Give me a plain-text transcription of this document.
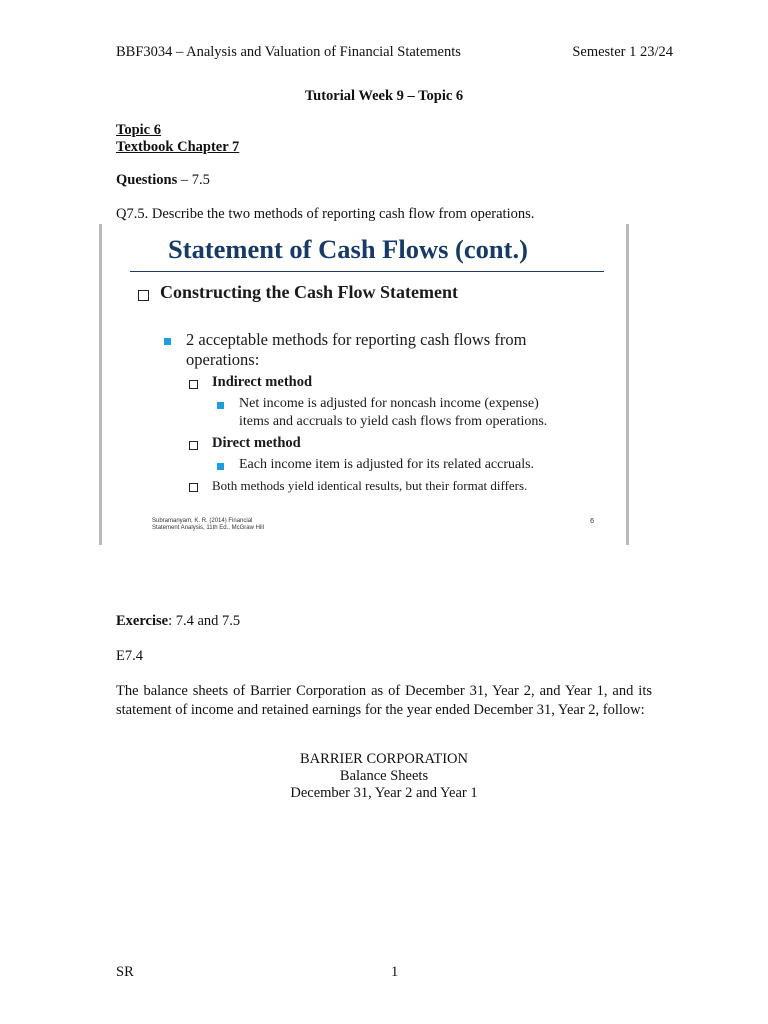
BBF3034 – Analysis and Valuation of Financial Statements	Semester 1 23/24
Tutorial Week 9 – Topic 6
Topic 6
Textbook Chapter 7
Questions – 7.5
Q7.5. Describe the two methods of reporting cash flow from operations.
Statement of Cash Flows (cont.)
Constructing the Cash Flow Statement
2 acceptable methods for reporting cash flows from
operations:
Indirect method
Net income is adjusted for noncash income (expense)
items and accruals to yield cash flows from operations.
Direct method
Each income item is adjusted for its related accruals.
Both methods yield identical results, but their format differs.
Subramanyam, K. R. (2014) Financial
Statement Analysis, 11th Ed., McGraw Hill
6
Exercise: 7.4 and 7.5
E7.4
The balance sheets of Barrier Corporation as of December 31, Year 2, and Year 1, and its statement of income and retained earnings for the year ended December 31, Year 2, follow:
BARRIER CORPORATION
Balance Sheets
December 31, Year 2 and Year 1
SR	1
